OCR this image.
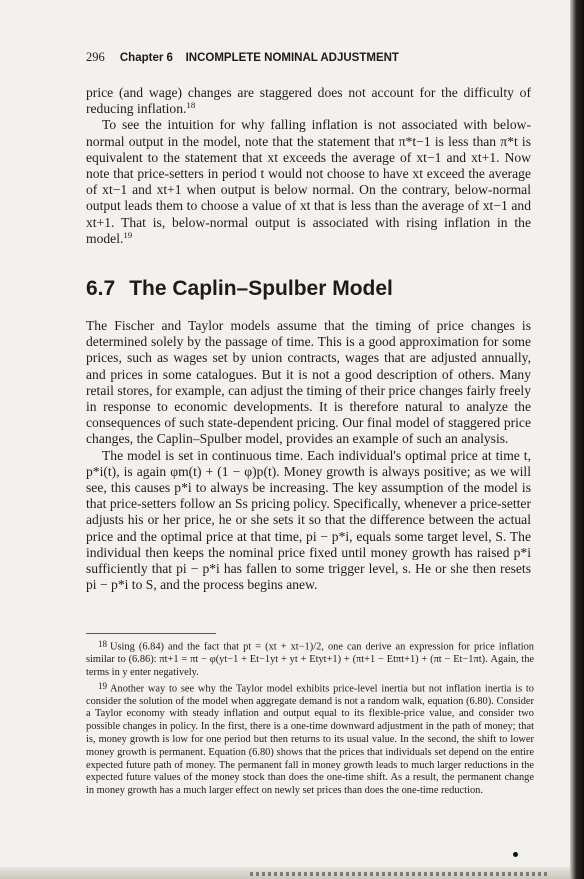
296 Chapter 6 INCOMPLETE NOMINAL ADJUSTMENT

price (and wage) changes are staggered does not account for the difficulty of reducing inflation.$^{18}$

To see the intuition for why falling inflation is not associated with below-normal output in the model, note that the statement that π*t−1 is less than π*t is equivalent to the statement that xt exceeds the average of xt−1 and xt+1. Now note that price-setters in period t would not choose to have xt exceed the average of xt−1 and xt+1 when output is below normal. On the contrary, below-normal output leads them to choose a value of xt that is less than the average of xt−1 and xt+1. That is, below-normal output is associated with rising inflation in the model.$^{19}$

6.7 The Caplin–Spulber Model

The Fischer and Taylor models assume that the timing of price changes is determined solely by the passage of time. This is a good approximation for some prices, such as wages set by union contracts, wages that are adjusted annually, and prices in some catalogues. But it is not a good description of others. Many retail stores, for example, can adjust the timing of their price changes fairly freely in response to economic developments. It is therefore natural to analyze the consequences of such state-dependent pricing. Our final model of staggered price changes, the Caplin–Spulber model, provides an example of such an analysis.

The model is set in continuous time. Each individual's optimal price at time t, p*i(t), is again φm(t) + (1 − φ)p(t). Money growth is always positive; as we will see, this causes p*i to always be increasing. The key assumption of the model is that price-setters follow an Ss pricing policy. Specifically, whenever a price-setter adjusts his or her price, he or she sets it so that the difference between the actual price and the optimal price at that time, pi − p*i, equals some target level, S. The individual then keeps the nominal price fixed until money growth has raised p*i sufficiently that pi − p*i has fallen to some trigger level, s. He or she then resets pi − p*i to S, and the process begins anew.

18 Using (6.84) and the fact that pt = (xt + xt−1)/2, one can derive an expression for price inflation similar to (6.86): πt+1 = πt − φ(yt−1 + Et−1yt + yt + Etyt+1) + (πt+1 − Etπt+1) + (πt − Et−1πt). Again, the terms in y enter negatively.

19 Another way to see why the Taylor model exhibits price-level inertia but not inflation inertia is to consider the solution of the model when aggregate demand is not a random walk, equation (6.80). Consider a Taylor economy with steady inflation and output equal to its flexible-price value, and consider two possible changes in policy. In the first, there is a one-time downward adjustment in the path of money; that is, money growth is low for one period but then returns to its usual value. In the second, the shift to lower money growth is permanent. Equation (6.80) shows that the prices that individuals set depend on the entire expected future path of money. The permanent fall in money growth leads to much larger reductions in the expected future values of the money stock than does the one-time shift. As a result, the permanent change in money growth has a much larger effect on newly set prices than does the one-time reduction.
